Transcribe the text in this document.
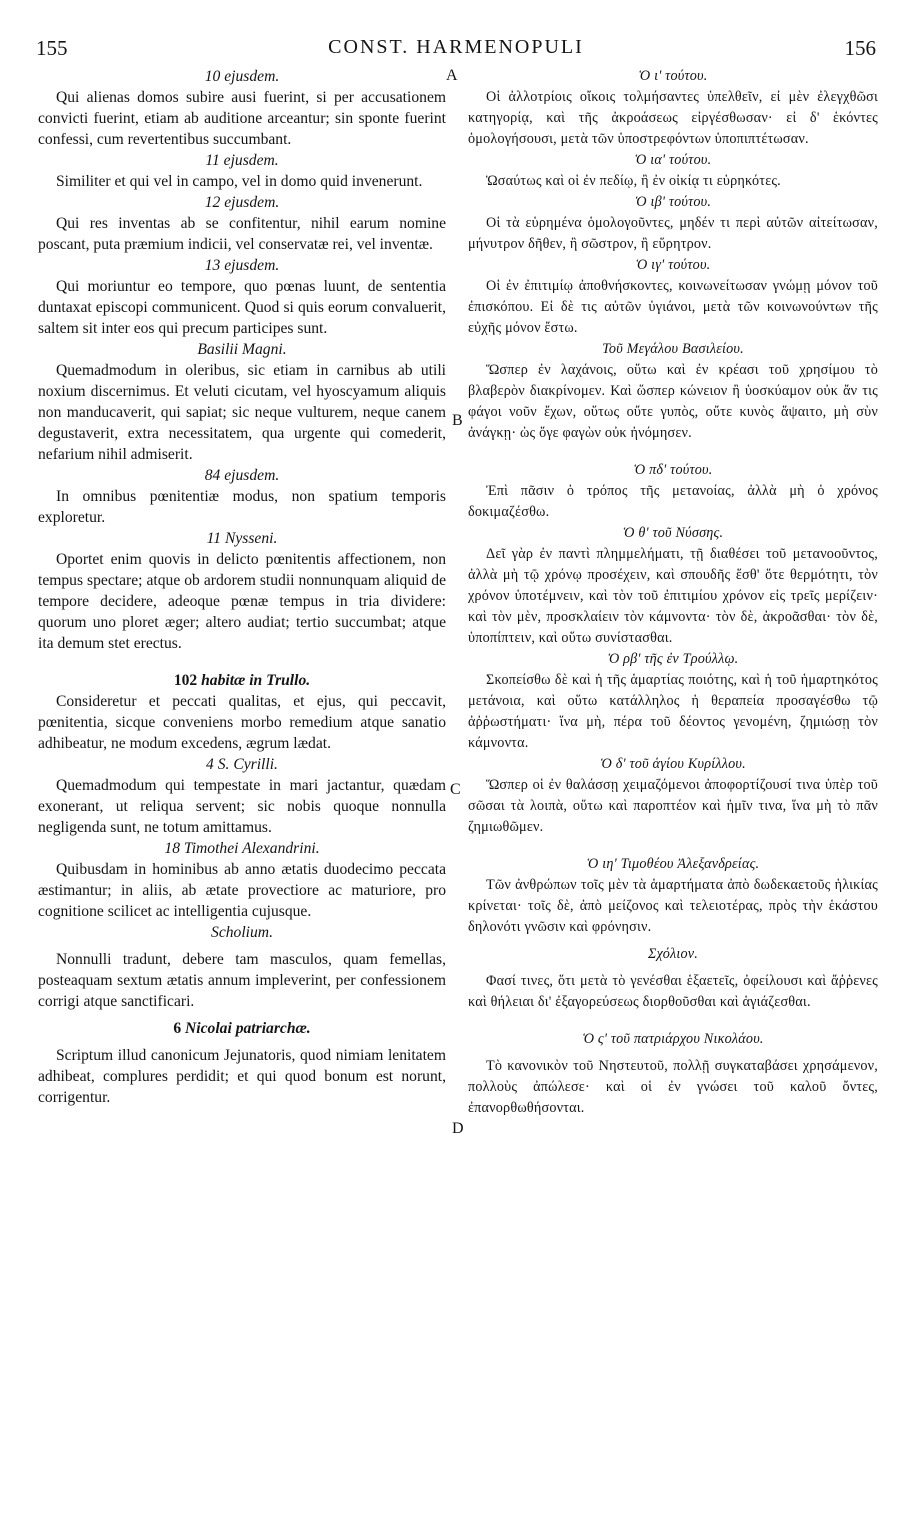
155	CONST. HARMENOPULI	156
A
B
C
D

10 ejusdem.

Qui alienas domos subire ausi fuerint, si per accusationem convicti fuerint, etiam ab auditione arceantur; sin sponte fuerint confessi, cum revertentibus succumbant.

11 ejusdem.

Similiter et qui vel in campo, vel in domo quid invenerunt.

12 ejusdem.

Qui res inventas ab se confitentur, nihil earum nomine poscant, puta præmium indicii, vel conservatæ rei, vel inventæ.

13 ejusdem.

Qui moriuntur eo tempore, quo pœnas luunt, de sententia duntaxat episcopi communicent. Quod si quis eorum convaluerit, saltem sit inter eos qui precum participes sunt.

Basilii Magni.

Quemadmodum in oleribus, sic etiam in carnibus ab utili noxium discernimus. Et veluti cicutam, vel hyoscyamum aliquis non manducaverit, qui sapiat; sic neque vulturem, neque canem degustaverit, extra necessitatem, qua urgente qui comederit, nefarium nihil admiserit.

84 ejusdem.

In omnibus pœnitentiæ modus, non spatium temporis exploretur.

11 Nysseni.

Oportet enim quovis in delicto pœnitentis affectionem, non tempus spectare; atque ob ardorem studii nonnunquam aliquid de tempore decidere, adeoque pœnæ tempus in tria dividere: quorum uno ploret æger; altero audiat; tertio succumbat; atque ita demum stet erectus.

102 habitæ in Trullo.

Consideretur et peccati qualitas, et ejus, qui peccavit, pœnitentia, sicque conveniens morbo remedium atque sanatio adhibeatur, ne modum excedens, ægrum lædat.

4 S. Cyrilli.

Quemadmodum qui tempestate in mari jactantur, quædam exonerant, ut reliqua servent; sic nobis quoque nonnulla negligenda sunt, ne totum amittamus.

18 Timothei Alexandrini.

Quibusdam in hominibus ab anno ætatis duodecimo peccata æstimantur; in aliis, ab ætate provectiore ac maturiore, pro cognitione scilicet ac intelligentia cujusque.

Scholium.

Nonnulli tradunt, debere tam masculos, quam femellas, posteaquam sextum ætatis annum impleverint, per confessionem corrigi atque sanctificari.

6 Nicolai patriarchæ.

Scriptum illud canonicum Jejunatoris, quod nimiam lenitatem adhibeat, complures perdidit; et qui quod bonum est norunt, corrigentur.

Ὁ ι' τούτου.

Οἱ ἀλλοτρίοις οἴκοις τολμήσαντες ὑπελθεῖν, εἰ μὲν ἐλεγχθῶσι κατηγορίᾳ, καὶ τῆς ἀκροάσεως εἰργέσθωσαν· εἰ δ' ἑκόντες ὁμολογήσουσι, μετὰ τῶν ὑποστρεφόντων ὑποπιπτέτωσαν.

Ὁ ια' τούτου.

Ὡσαύτως καὶ οἱ ἐν πεδίῳ, ἢ ἐν οἰκίᾳ τι εὑρηκότες.

Ὁ ιβ' τούτου.

Οἱ τὰ εὑρημένα ὁμολογοῦντες, μηδέν τι περὶ αὐτῶν αἰτείτωσαν, μήνυτρον δῆθεν, ἢ σῶστρον, ἢ εὕρητρον.

Ὁ ιγ' τούτου.

Οἱ ἐν ἐπιτιμίῳ ἀποθνήσκοντες, κοινωνείτωσαν γνώμῃ μόνον τοῦ ἐπισκόπου. Εἰ δὲ τις αὐτῶν ὑγιάνοι, μετὰ τῶν κοινωνούντων τῆς εὐχῆς μόνον ἔστω.

Τοῦ Μεγάλου Βασιλείου.

Ὥσπερ ἐν λαχάνοις, οὕτω καὶ ἐν κρέασι τοῦ χρησίμου τὸ βλαβερὸν διακρίνομεν. Καὶ ὥσπερ κώνειον ἢ ὑοσκύαμον οὐκ ἄν τις φάγοι νοῦν ἔχων, οὕτως οὔτε γυπὸς, οὔτε κυνὸς ἅψαιτο, μὴ σὺν ἀνάγκῃ· ὡς ὅγε φαγὼν οὐκ ἠνόμησεν.

Ὁ πδ' τούτου.

Ἐπὶ πᾶσιν ὁ τρόπος τῆς μετανοίας, ἀλλὰ μὴ ὁ χρόνος δοκιμαζέσθω.

Ὁ θ' τοῦ Νύσσης.

Δεῖ γὰρ ἐν παντὶ πλημμελήματι, τῇ διαθέσει τοῦ μετανοοῦντος, ἀλλὰ μὴ τῷ χρόνῳ προσέχειν, καὶ σπουδῆς ἕσθ' ὅτε θερμότητι, τὸν χρόνον ὑποτέμνειν, καὶ τὸν τοῦ ἐπιτιμίου χρόνον εἰς τρεῖς μερίζειν· καὶ τὸν μὲν, προσκλαίειν τὸν κάμνοντα· τὸν δὲ, ἀκροᾶσθαι· τὸν δὲ, ὑποπίπτειν, καὶ οὕτω συνίστασθαι.

Ὁ ρβ' τῆς ἐν Τρούλλῳ.

Σκοπείσθω δὲ καὶ ἡ τῆς ἁμαρτίας ποιότης, καὶ ἡ τοῦ ἡμαρτηκότος μετάνοια, καὶ οὕτω κατάλληλος ἡ θεραπεία προσαγέσθω τῷ ἀῤῥωστήματι· ἵνα μὴ, πέρα τοῦ δέοντος γενομένη, ζημιώσῃ τὸν κάμνοντα.

Ὁ δ' τοῦ ἁγίου Κυρίλλου.

Ὥσπερ οἱ ἐν θαλάσσῃ χειμαζόμενοι ἀποφορτίζουσί τινα ὑπὲρ τοῦ σῶσαι τὰ λοιπὰ, οὕτω καὶ παροπτέον καὶ ἡμῖν τινα, ἵνα μὴ τὸ πᾶν ζημιωθῶμεν.

Ὁ ιη' Τιμοθέου Ἀλεξανδρείας.

Τῶν ἀνθρώπων τοῖς μὲν τὰ ἁμαρτήματα ἀπὸ δωδεκαετοῦς ἡλικίας κρίνεται· τοῖς δὲ, ἀπὸ μείζονος καὶ τελειοτέρας, πρὸς τὴν ἑκάστου δηλονότι γνῶσιν καὶ φρόνησιν.

Σχόλιον.

Φασί τινες, ὅτι μετὰ τὸ γενέσθαι ἑξαετεῖς, ὀφείλουσι καὶ ἄῤῥενες καὶ θήλειαι δι' ἐξαγορεύσεως διορθοῦσθαι καὶ ἁγιάζεσθαι.

Ὁ ς' τοῦ πατριάρχου Νικολάου.

Τὸ κανονικὸν τοῦ Νηστευτοῦ, πολλῇ συγκαταβάσει χρησάμενον, πολλοὺς ἀπώλεσε· καὶ οἱ ἐν γνώσει τοῦ καλοῦ ὄντες, ἐπανορθωθήσονται.
